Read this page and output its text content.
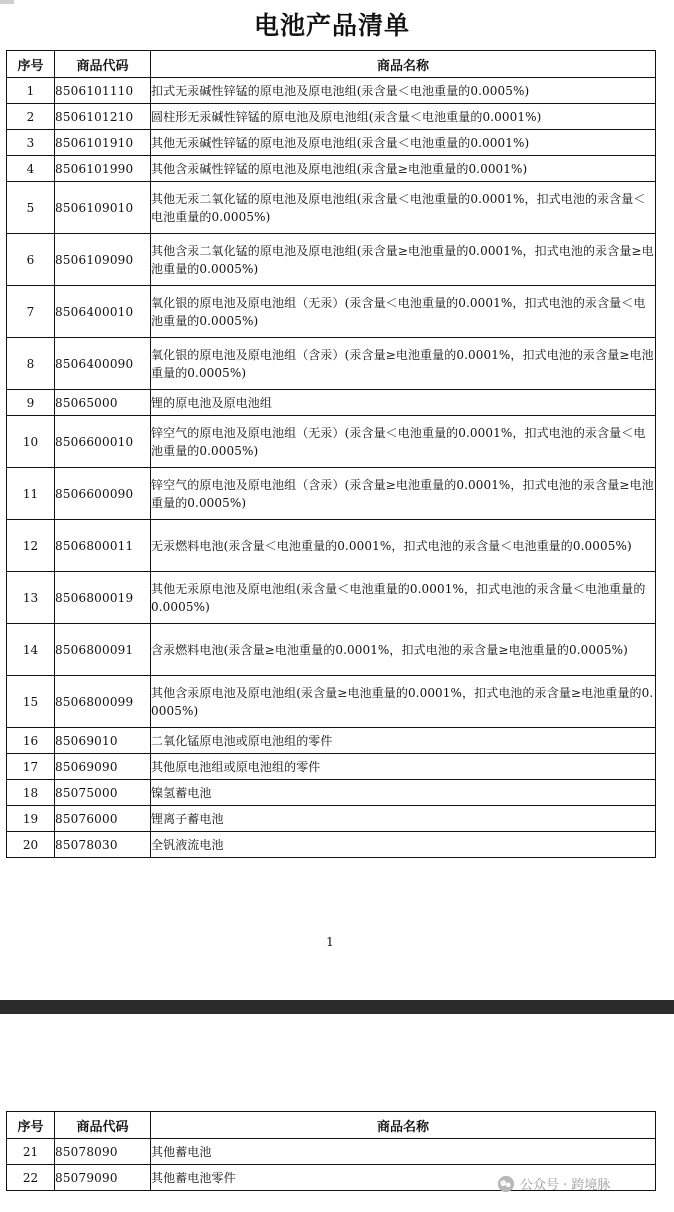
电池产品清单
序号	商品代码	商品名称
1	8506101110	扣式无汞碱性锌锰的原电池及原电池组(汞含量＜电池重量的0.0005%)
2	8506101210	圆柱形无汞碱性锌锰的原电池及原电池组(汞含量＜电池重量的0.0001%)
3	8506101910	其他无汞碱性锌锰的原电池及原电池组(汞含量＜电池重量的0.0001%)
4	8506101990	其他含汞碱性锌锰的原电池及原电池组(汞含量≥电池重量的0.0001%)
5	8506109010	其他无汞二氧化锰的原电池及原电池组(汞含量＜电池重量的0.0001%，扣式电池的汞含量＜电池重量的0.0005%)
6	8506109090	其他含汞二氧化锰的原电池及原电池组(汞含量≥电池重量的0.0001%，扣式电池的汞含量≥电池重量的0.0005%)
7	8506400010	氧化银的原电池及原电池组（无汞）(汞含量＜电池重量的0.0001%，扣式电池的汞含量＜电池重量的0.0005%)
8	8506400090	氧化银的原电池及原电池组（含汞）(汞含量≥电池重量的0.0001%，扣式电池的汞含量≥电池重量的0.0005%)
9	85065000	锂的原电池及原电池组
10	8506600010	锌空气的原电池及原电池组（无汞）(汞含量＜电池重量的0.0001%，扣式电池的汞含量＜电池重量的0.0005%)
11	8506600090	锌空气的原电池及原电池组（含汞）(汞含量≥电池重量的0.0001%，扣式电池的汞含量≥电池重量的0.0005%)
12	8506800011	无汞燃料电池(汞含量＜电池重量的0.0001%，扣式电池的汞含量＜电池重量的0.0005%)
13	8506800019	其他无汞原电池及原电池组(汞含量＜电池重量的0.0001%，扣式电池的汞含量＜电池重量的0.0005%)
14	8506800091	含汞燃料电池(汞含量≥电池重量的0.0001%，扣式电池的汞含量≥电池重量的0.0005%)
15	8506800099	其他含汞原电池及原电池组(汞含量≥电池重量的0.0001%，扣式电池的汞含量≥电池重量的0.0005%)
16	85069010	二氧化锰原电池或原电池组的零件
17	85069090	其他原电池组或原电池组的零件
18	85075000	镍氢蓄电池
19	85076000	锂离子蓄电池
20	85078030	全钒液流电池
1
序号	商品代码	商品名称
21	85078090	其他蓄电池
22	85079090	其他蓄电池零件
公众号 · 跨境脉
